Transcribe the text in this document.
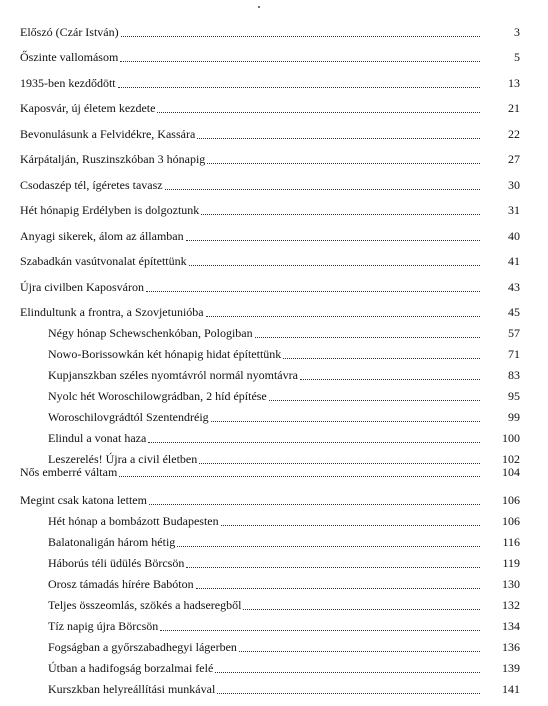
Előszó (Czár István)	3
Őszinte vallomásom	5
1935-ben kezdődött	13
Kaposvár, új életem kezdete	21
Bevonulásunk a Felvidékre, Kassára	22
Kárpátalján, Ruszinszkóban 3 hónapig	27
Csodaszép tél, ígéretes tavasz	30
Hét hónapig Erdélyben is dolgoztunk	31
Anyagi sikerek, álom az államban	40
Szabadkán vasútvonalat építettünk	41
Újra civilben Kaposváron	43
Elindultunk a frontra, a Szovjetunióba	45
Négy hónap Schewschenkóban, Pologiban	57
Nowo-Borissowkán két hónapig hidat építettünk	71
Kupjanszkban széles nyomtávról normál nyomtávra	83
Nyolc hét Woroschilowgrádban, 2 híd építése	95
Woroschilovgrádtól Szentendréig	99
Elindul a vonat haza	100
Leszerelés! Újra a civil életben	102
Nős emberré váltam	104
Megint csak katona lettem	106
Hét hónap a bombázott Budapesten	106
Balatonaligán három hétig	116
Háborús téli üdülés Börcsön	119
Orosz támadás hírére Babóton	130
Teljes összeomlás, szökés a hadseregből	132
Tíz napig újra Börcsön	134
Fogságban a győrszabadhegyi lágerben	136
Útban a hadifogság borzalmai felé	139
Kurszkban helyreállítási munkával	141
